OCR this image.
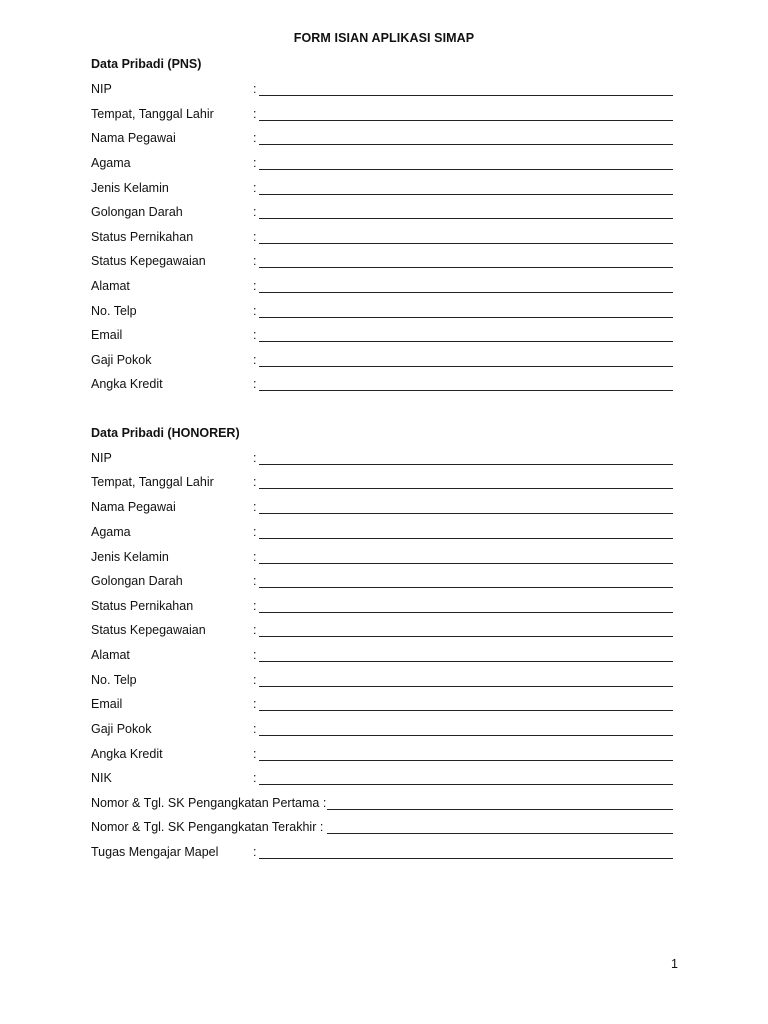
FORM ISIAN APLIKASI SIMAP
Data Pribadi (PNS)
NIP	:
Tempat, Tanggal Lahir	:
Nama Pegawai	:
Agama	:
Jenis Kelamin	:
Golongan Darah	:
Status Pernikahan	:
Status Kepegawaian	:
Alamat	:
No. Telp	:
Email	:
Gaji Pokok	:
Angka Kredit	:
Data Pribadi (HONORER)
NIP	:
Tempat, Tanggal Lahir	:
Nama Pegawai	:
Agama	:
Jenis Kelamin	:
Golongan Darah	:
Status Pernikahan	:
Status Kepegawaian	:
Alamat	:
No. Telp	:
Email	:
Gaji Pokok	:
Angka Kredit	:
NIK	:
Nomor & Tgl. SK Pengangkatan Pertama :
Nomor & Tgl. SK Pengangkatan Terakhir :
Tugas Mengajar Mapel	:
1
